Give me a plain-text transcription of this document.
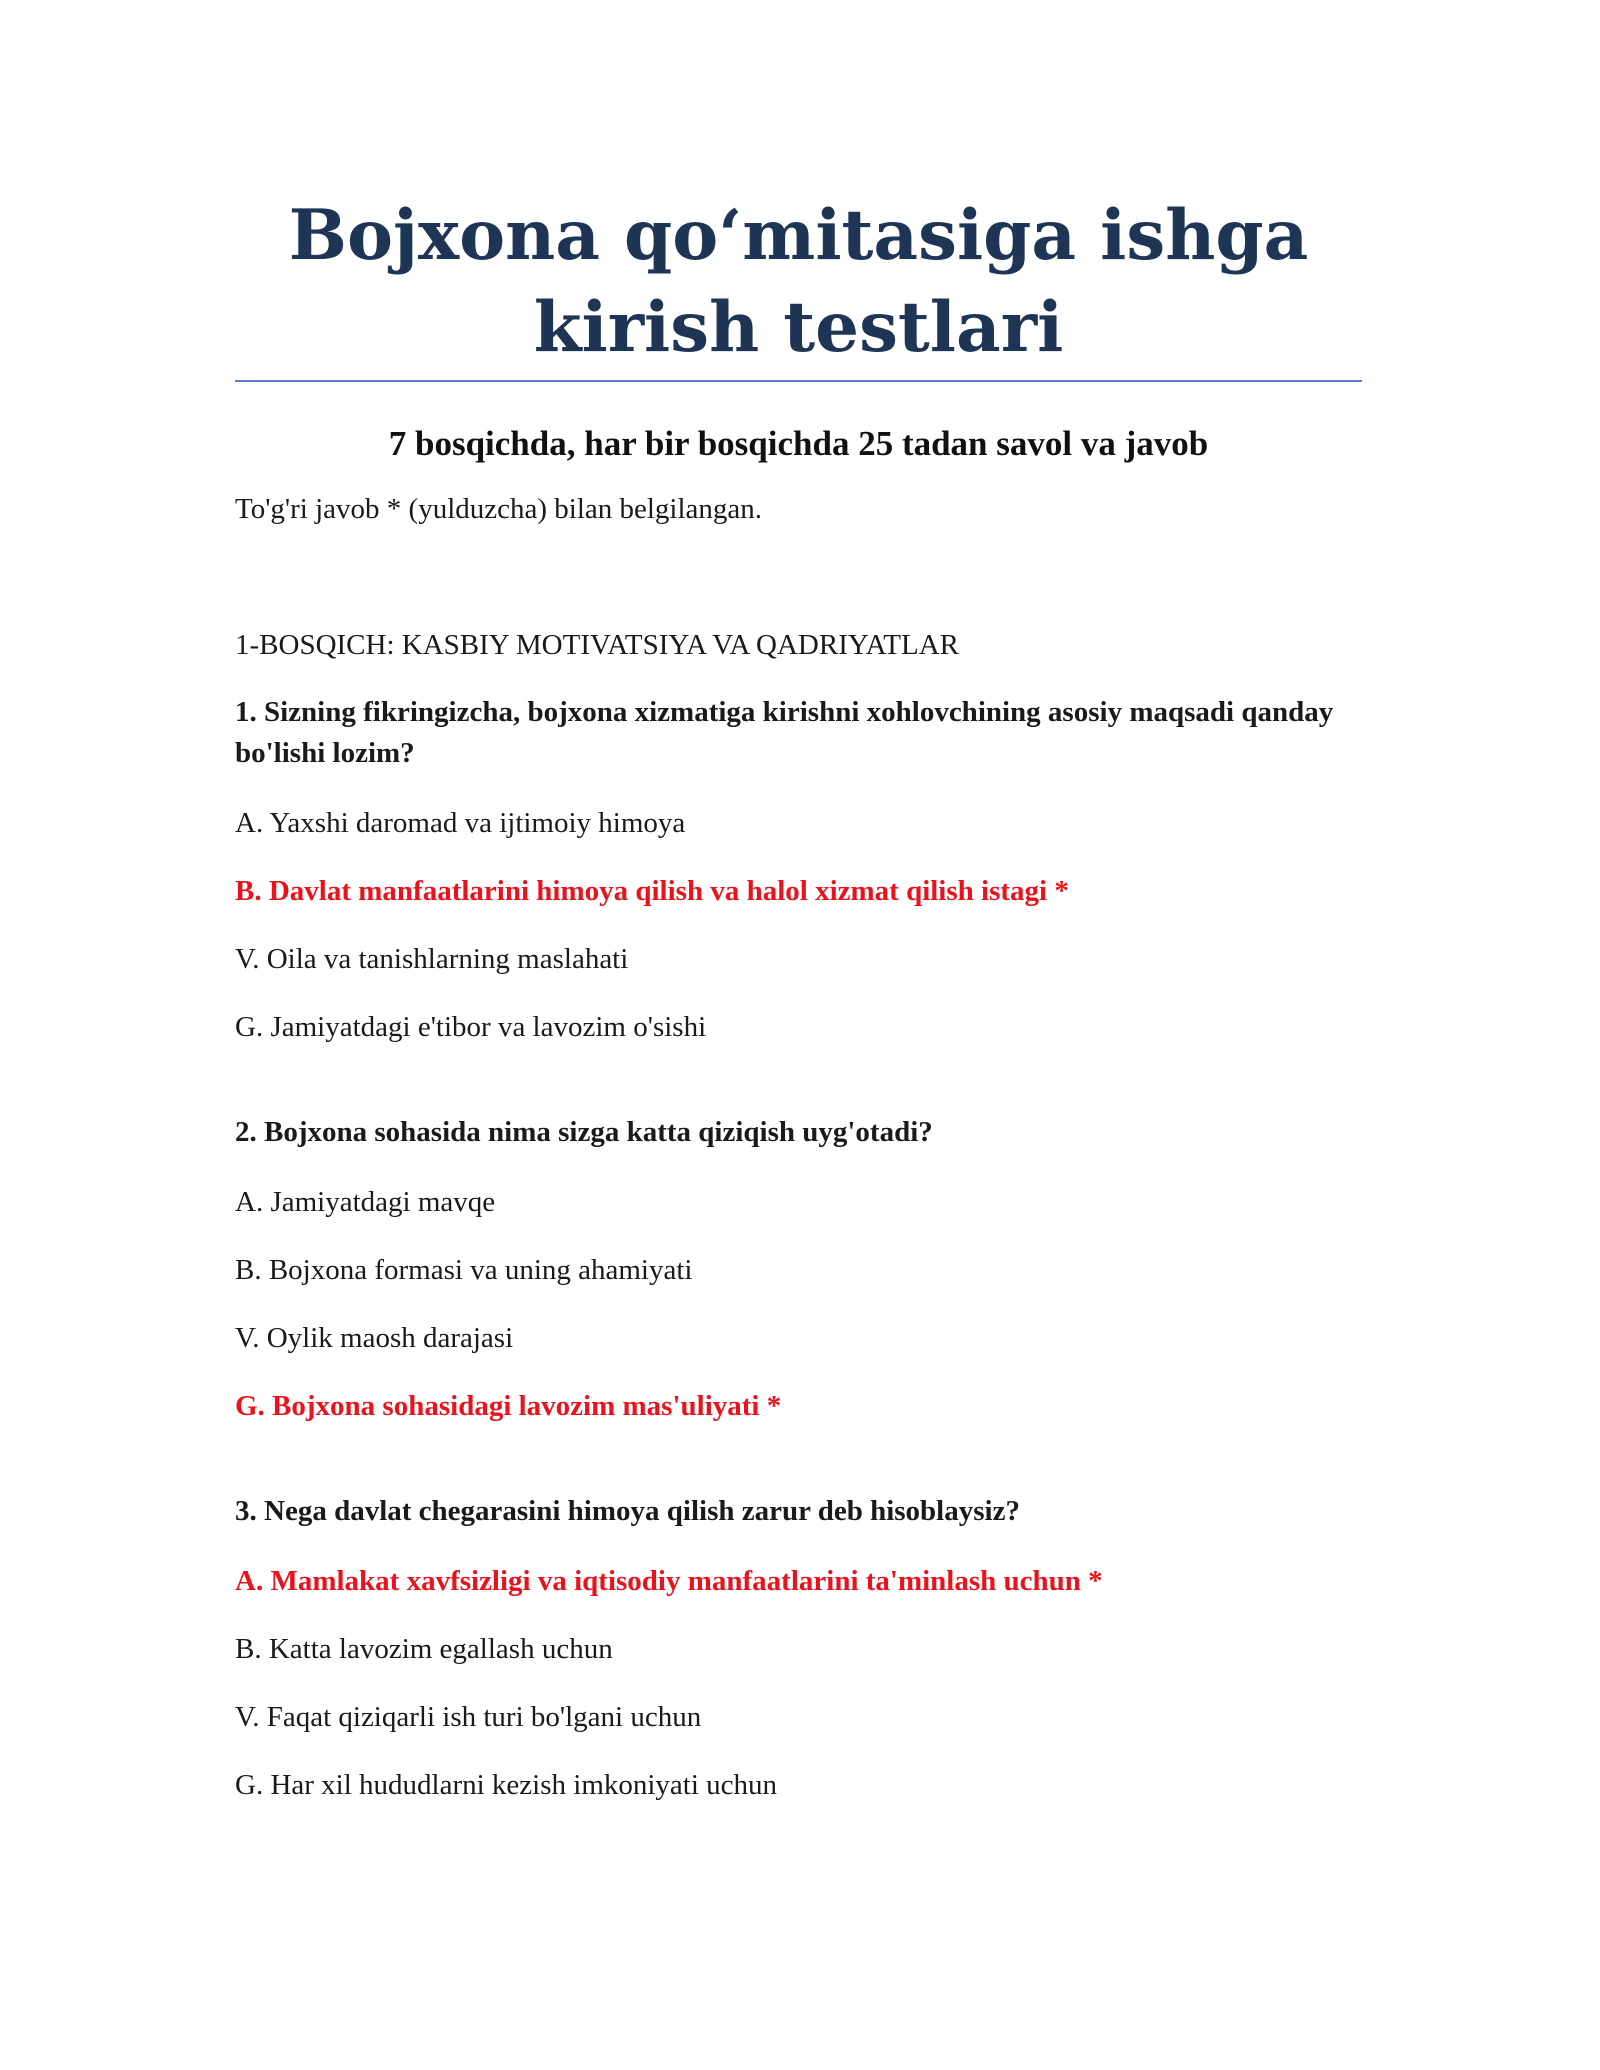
Bojxona qo‘mitasiga ishga kirish testlari

7 bosqichda, har bir bosqichda 25 tadan savol va javob

To'g'ri javob * (yulduzcha) bilan belgilangan.

1-BOSQICH: KASBIY MOTIVATSIYA VA QADRIYATLAR

1. Sizning fikringizcha, bojxona xizmatiga kirishni xohlovchining asosiy maqsadi qanday bo'lishi lozim?

A. Yaxshi daromad va ijtimoiy himoya

B. Davlat manfaatlarini himoya qilish va halol xizmat qilish istagi *

V. Oila va tanishlarning maslahati

G. Jamiyatdagi e'tibor va lavozim o'sishi

2. Bojxona sohasida nima sizga katta qiziqish uyg'otadi?

A. Jamiyatdagi mavqe

B. Bojxona formasi va uning ahamiyati

V. Oylik maosh darajasi

G. Bojxona sohasidagi lavozim mas'uliyati *

3. Nega davlat chegarasini himoya qilish zarur deb hisoblaysiz?

A. Mamlakat xavfsizligi va iqtisodiy manfaatlarini ta'minlash uchun *

B. Katta lavozim egallash uchun

V. Faqat qiziqarli ish turi bo'lgani uchun

G. Har xil hududlarni kezish imkoniyati uchun
